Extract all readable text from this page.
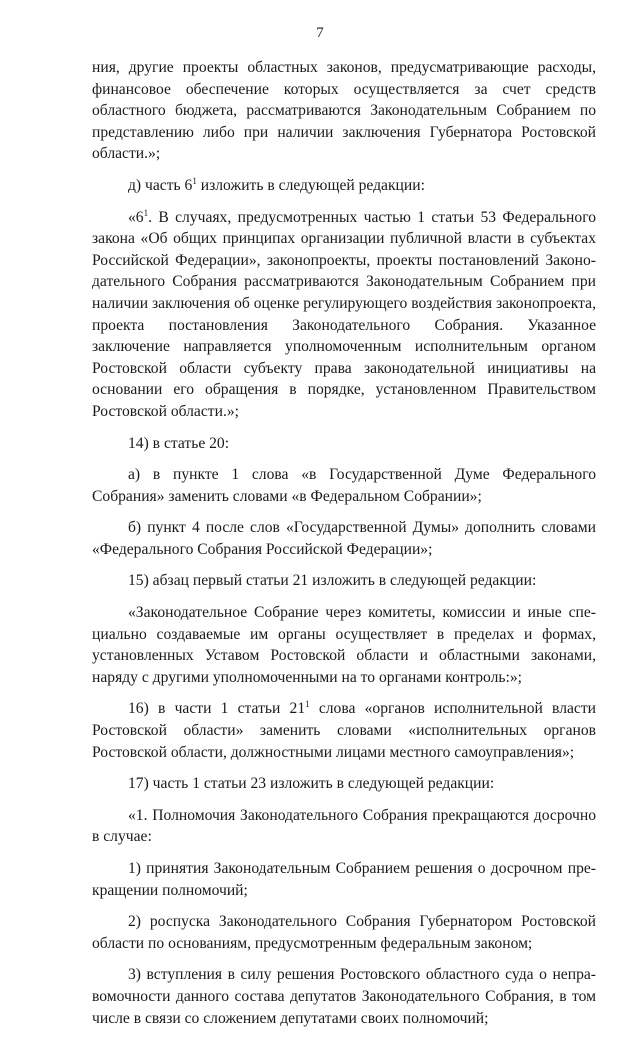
7

ния, другие проекты областных законов, предусматривающие расходы, финансовое обеспечение которых осуществляется за счет средств областного бюджета, рассматриваются Законодательным Собранием по представлению либо при наличии заключения Губернатора Ростовской области.»;

д) часть $6^1$ изложить в следующей редакции:

«$6^1$. В случаях, предусмотренных частью 1 статьи 53 Федерального закона «Об общих принципах организации публичной власти в субъектах Российской Федерации», законопроекты, проекты постановлений Законодательного Собрания рассматриваются Законодательным Собранием при наличии заключения об оценке регулирующего воздействия законопроекта, проекта постановления Законодательного Собрания. Указанное заключение направляется уполномоченным исполнительным органом Ростовской области субъекту права законодательной инициативы на основании его обращения в порядке, установленном Правительством Ростовской области.»;

14) в статье 20:

а) в пункте 1 слова «в Государственной Думе Федерального Собрания» заменить словами «в Федеральном Собрании»;

б) пункт 4 после слов «Государственной Думы» дополнить словами «Федерального Собрания Российской Федерации»;

15) абзац первый статьи 21 изложить в следующей редакции:

«Законодательное Собрание через комитеты, комиссии и иные специально создаваемые им органы осуществляет в пределах и формах, установленных Уставом Ростовской области и областными законами, наряду с другими уполномоченными на то органами контроль:»;

16) в части 1 статьи $21^1$ слова «органов исполнительной власти Ростовской области» заменить словами «исполнительных органов Ростовской области, должностными лицами местного самоуправления»;

17) часть 1 статьи 23 изложить в следующей редакции:

«1. Полномочия Законодательного Собрания прекращаются досрочно в случае:

1) принятия Законодательным Собранием решения о досрочном прекращении полномочий;

2) роспуска Законодательного Собрания Губернатором Ростовской области по основаниям, предусмотренным федеральным законом;

3) вступления в силу решения Ростовского областного суда о неправомочности данного состава депутатов Законодательного Собрания, в том числе в связи со сложением депутатами своих полномочий;
